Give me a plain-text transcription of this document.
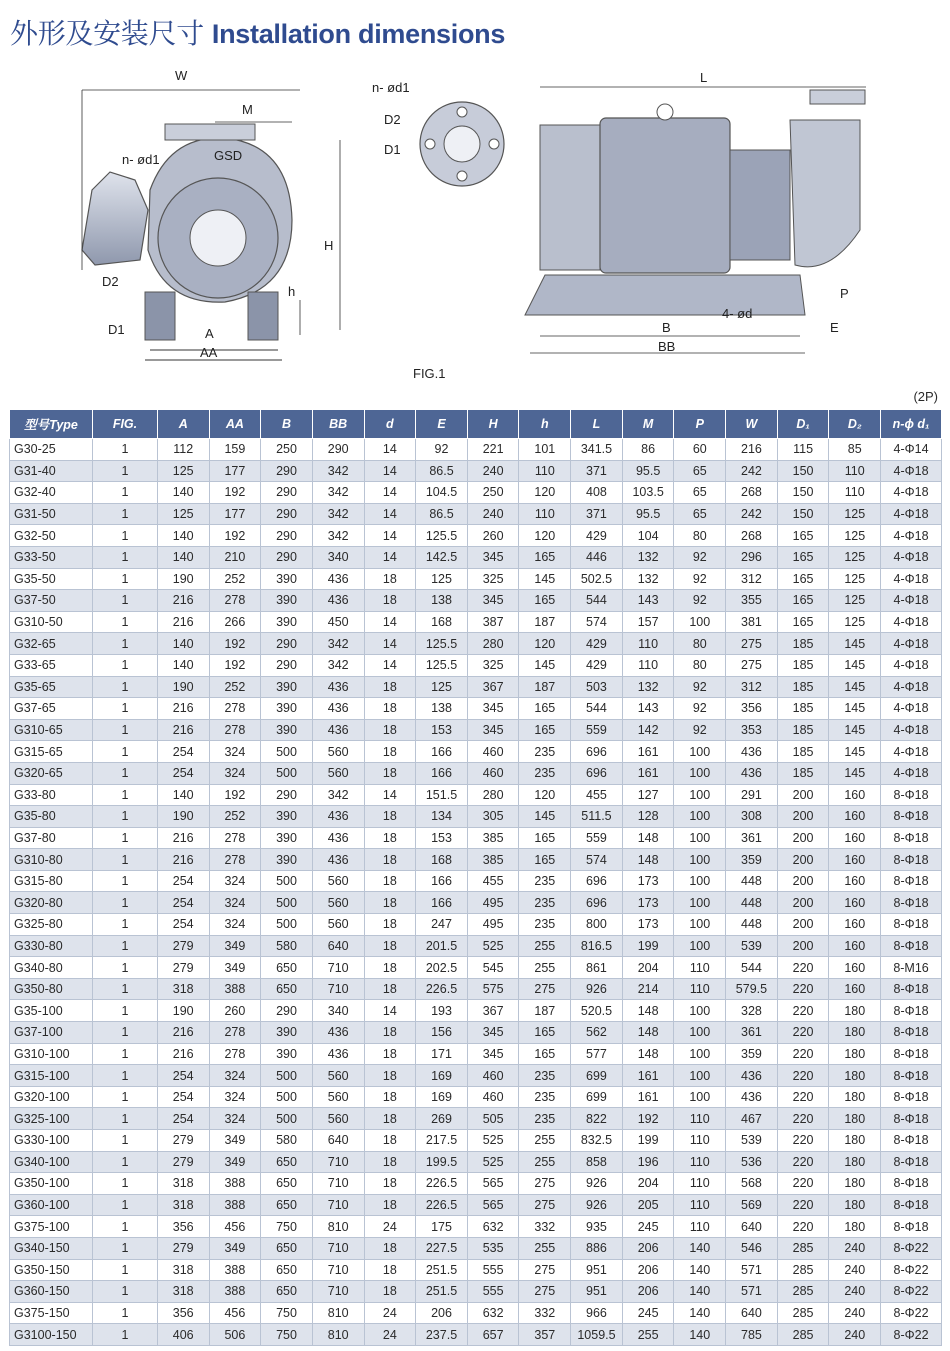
外形及安装尺寸 Installation dimensions
W
M
n- ød1	GSD
H
h
D2
D1	A
AA
n- ød1
D2
D1
L
P
E
B
BB
4- ød
FIG.1
(2P)
型号Type	FIG.	A	AA	B	BB	d	E	H	h	L	M	P	W	D₁	D₂	n-ϕ d₁
G30-25	1	112	159	250	290	14	92	221	101	341.5	86	60	216	115	85	4-Φ14
G31-40	1	125	177	290	342	14	86.5	240	110	371	95.5	65	242	150	110	4-Φ18
G32-40	1	140	192	290	342	14	104.5	250	120	408	103.5	65	268	150	110	4-Φ18
G31-50	1	125	177	290	342	14	86.5	240	110	371	95.5	65	242	150	125	4-Φ18
G32-50	1	140	192	290	342	14	125.5	260	120	429	104	80	268	165	125	4-Φ18
G33-50	1	140	210	290	340	14	142.5	345	165	446	132	92	296	165	125	4-Φ18
G35-50	1	190	252	390	436	18	125	325	145	502.5	132	92	312	165	125	4-Φ18
G37-50	1	216	278	390	436	18	138	345	165	544	143	92	355	165	125	4-Φ18
G310-50	1	216	266	390	450	14	168	387	187	574	157	100	381	165	125	4-Φ18
G32-65	1	140	192	290	342	14	125.5	280	120	429	110	80	275	185	145	4-Φ18
G33-65	1	140	192	290	342	14	125.5	325	145	429	110	80	275	185	145	4-Φ18
G35-65	1	190	252	390	436	18	125	367	187	503	132	92	312	185	145	4-Φ18
G37-65	1	216	278	390	436	18	138	345	165	544	143	92	356	185	145	4-Φ18
G310-65	1	216	278	390	436	18	153	345	165	559	142	92	353	185	145	4-Φ18
G315-65	1	254	324	500	560	18	166	460	235	696	161	100	436	185	145	4-Φ18
G320-65	1	254	324	500	560	18	166	460	235	696	161	100	436	185	145	4-Φ18
G33-80	1	140	192	290	342	14	151.5	280	120	455	127	100	291	200	160	8-Φ18
G35-80	1	190	252	390	436	18	134	305	145	511.5	128	100	308	200	160	8-Φ18
G37-80	1	216	278	390	436	18	153	385	165	559	148	100	361	200	160	8-Φ18
G310-80	1	216	278	390	436	18	168	385	165	574	148	100	359	200	160	8-Φ18
G315-80	1	254	324	500	560	18	166	455	235	696	173	100	448	200	160	8-Φ18
G320-80	1	254	324	500	560	18	166	495	235	696	173	100	448	200	160	8-Φ18
G325-80	1	254	324	500	560	18	247	495	235	800	173	100	448	200	160	8-Φ18
G330-80	1	279	349	580	640	18	201.5	525	255	816.5	199	100	539	200	160	8-Φ18
G340-80	1	279	349	650	710	18	202.5	545	255	861	204	110	544	220	160	8-M16
G350-80	1	318	388	650	710	18	226.5	575	275	926	214	110	579.5	220	160	8-Φ18
G35-100	1	190	260	290	340	14	193	367	187	520.5	148	100	328	220	180	8-Φ18
G37-100	1	216	278	390	436	18	156	345	165	562	148	100	361	220	180	8-Φ18
G310-100	1	216	278	390	436	18	171	345	165	577	148	100	359	220	180	8-Φ18
G315-100	1	254	324	500	560	18	169	460	235	699	161	100	436	220	180	8-Φ18
G320-100	1	254	324	500	560	18	169	460	235	699	161	100	436	220	180	8-Φ18
G325-100	1	254	324	500	560	18	269	505	235	822	192	110	467	220	180	8-Φ18
G330-100	1	279	349	580	640	18	217.5	525	255	832.5	199	110	539	220	180	8-Φ18
G340-100	1	279	349	650	710	18	199.5	525	255	858	196	110	536	220	180	8-Φ18
G350-100	1	318	388	650	710	18	226.5	565	275	926	204	110	568	220	180	8-Φ18
G360-100	1	318	388	650	710	18	226.5	565	275	926	205	110	569	220	180	8-Φ18
G375-100	1	356	456	750	810	24	175	632	332	935	245	110	640	220	180	8-Φ18
G340-150	1	279	349	650	710	18	227.5	535	255	886	206	140	546	285	240	8-Φ22
G350-150	1	318	388	650	710	18	251.5	555	275	951	206	140	571	285	240	8-Φ22
G360-150	1	318	388	650	710	18	251.5	555	275	951	206	140	571	285	240	8-Φ22
G375-150	1	356	456	750	810	24	206	632	332	966	245	140	640	285	240	8-Φ22
G3100-150	1	406	506	750	810	24	237.5	657	357	1059.5	255	140	785	285	240	8-Φ22
